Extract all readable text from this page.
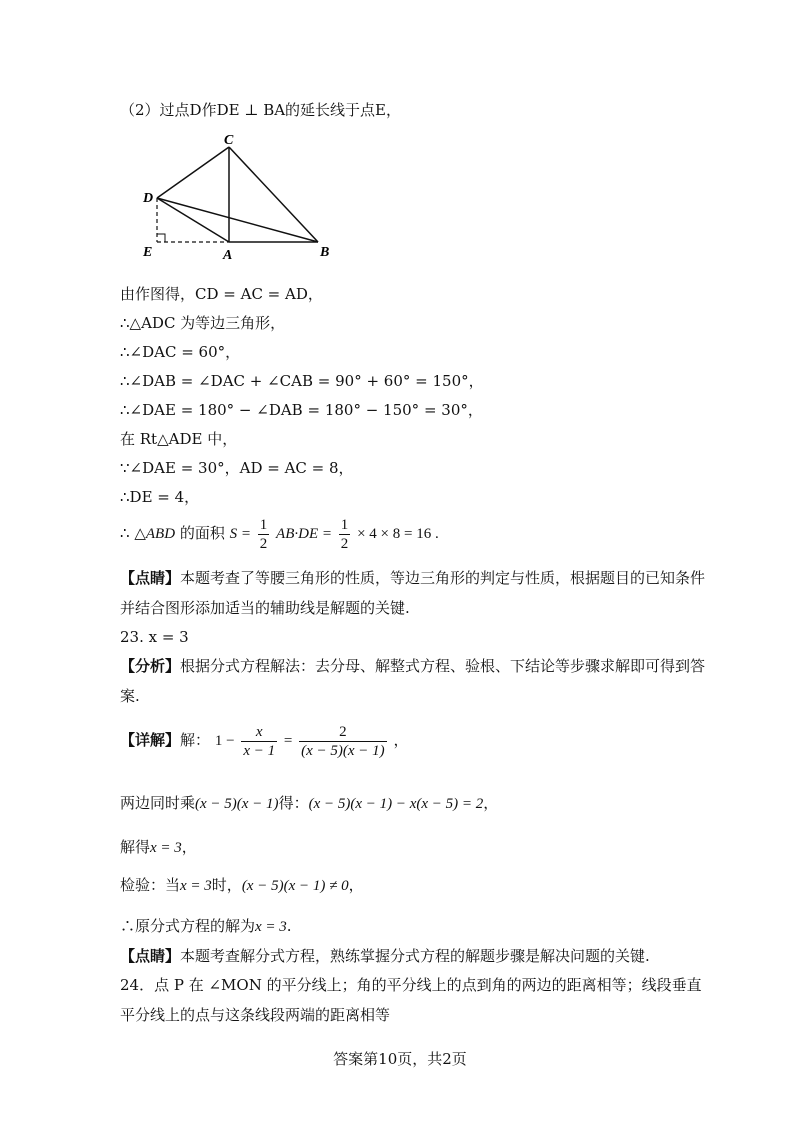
（2）过点D作DE ⊥ BA的延长线于点E，
C
D
E	A	B
由作图得，CD = AC = AD，
∴△ADC 为等边三角形，
∴∠DAC = 60°，
∴∠DAB = ∠DAC + ∠CAB = 90° + 60° = 150°，
∴∠DAE = 180° − ∠DAB = 180° − 150° = 30°，
在 Rt△ADE 中，
∵∠DAE = 30°，AD = AC = 8，
∴DE = 4，
∴ △ABD 的面积 $S = \frac{1}{2} AB\cdot DE = \frac{1}{2} \times 4 \times 8 = 16$ .
【点睛】本题考查了等腰三角形的性质，等边三角形的判定与性质，根据题目的已知条件
并结合图形添加适当的辅助线是解题的关键.
23. x = 3
【分析】根据分式方程解法：去分母、解整式方程、验根、下结论等步骤求解即可得到答
案.
【详解】解： $1 - \frac{x}{x - 1} = \frac{2}{(x - 5)(x - 1)}$ ，
两边同时乘(x − 5)(x − 1)得：(x − 5)(x − 1) − x(x − 5) = 2，
解得x = 3，
检验：当x = 3时，(x − 5)(x − 1) ≠ 0，
∴原分式方程的解为x = 3.
【点睛】本题考查解分式方程，熟练掌握分式方程的解题步骤是解决问题的关键.
24．点 P 在 ∠MON 的平分线上；角的平分线上的点到角的两边的距离相等；线段垂直
平分线上的点与这条线段两端的距离相等
答案第10页，共2页
